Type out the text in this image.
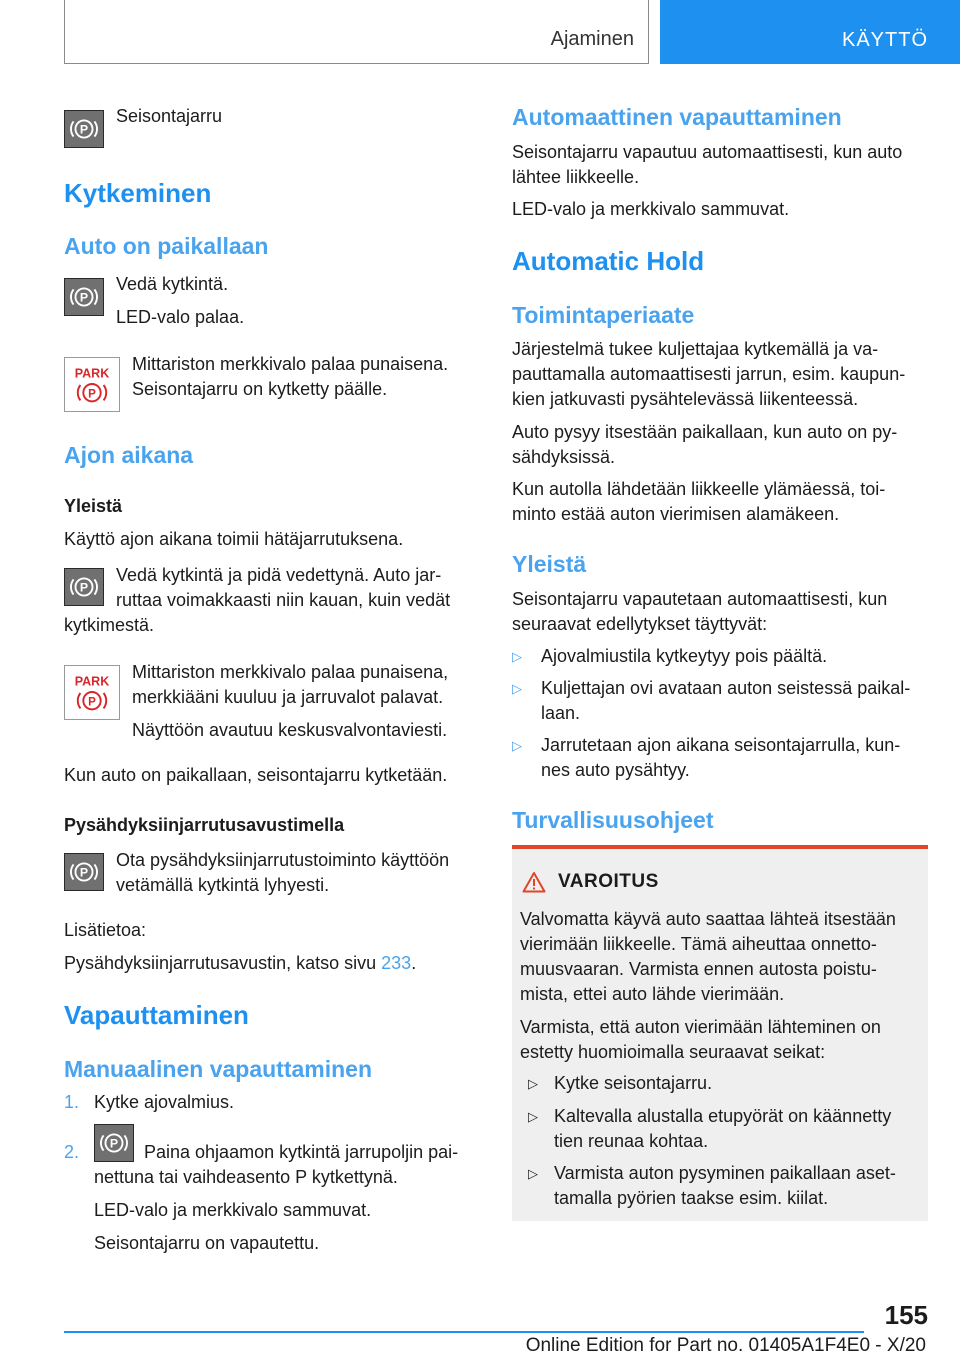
Ajaminen	KÄYTTÖ
P
Seisontajarru
Kytkeminen
Auto on paikallaan
P
Vedä kytkintä.
LED-valo palaa.
PARK
P
Mittariston merkkivalo palaa punaisena. Seisontajarru on kytketty päälle.
Ajon aikana
Yleistä
Käyttö ajon aikana toimii hätäjarrutuksena.
P
Vedä kytkintä ja pidä vedettynä. Auto jar-
ruttaa voimakkaasti niin kauan, kuin vedät
kytkimestä.
PARK
P
Mittariston merkkivalo palaa punaisena,
merkkiääni kuuluu ja jarruvalot palavat.
Näyttöön avautuu keskusvalvontaviesti.
Kun auto on paikallaan, seisontajarru kytketään.
Pysähdyksiinjarrutusavustimella
P
Ota pysähdyksiinjarrutustoiminto käyttöön vetämällä kytkintä lyhyesti.
Lisätietoa:
Pysähdyksiinjarrutusavustin, katso sivu 233.
Vapauttaminen
Manuaalinen vapauttaminen
1. Kytke ajovalmius.
2. P Paina ohjaamon kytkintä jarrupoljin pai-
nettuna tai vaihdeasento P kytkettynä.
LED-valo ja merkkivalo sammuvat.
Seisontajarru on vapautettu.
Automaattinen vapauttaminen
Seisontajarru vapautuu automaattisesti, kun auto lähtee liikkeelle.
LED-valo ja merkkivalo sammuvat.
Automatic Hold
Toimintaperiaate
Järjestelmä tukee kuljettajaa kytkemällä ja va-pauttamalla automaattisesti jarrun, esim. kaupun-kien jatkuvasti pysähtelevässä liikenteessä.
Auto pysyy itsestään paikallaan, kun auto on py-sähdyksissä.
Kun autolla lähdetään liikkeelle ylämäessä, toi-minto estää auton vierimisen alamäkeen.
Yleistä
Seisontajarru vapautetaan automaattisesti, kun seuraavat edellytykset täyttyvät:
▷ Ajovalmiustila kytkeytyy pois päältä.
▷ Kuljettajan ovi avataan auton seistessä paikal-laan.
▷ Jarrutetaan ajon aikana seisontajarrulla, kun-nes auto pysähtyy.
Turvallisuusohjeet
VAROITUS
Valvomatta käyvä auto saattaa lähteä itsestään vierimään liikkeelle. Tämä aiheuttaa onnetto-muusvaaran. Varmista ennen autosta poistu-mista, ettei auto lähde vierimään.
Varmista, että auton vierimään lähteminen on estetty huomioimalla seuraavat seikat:
▷ Kytke seisontajarru.
▷ Kaltevalla alustalla etupyörät on käännetty tien reunaa kohtaa.
▷ Varmista auton pysyminen paikallaan aset-tamalla pyörien taakse esim. kiilat.
155
Online Edition for Part no. 01405A1F4E0 - X/20
